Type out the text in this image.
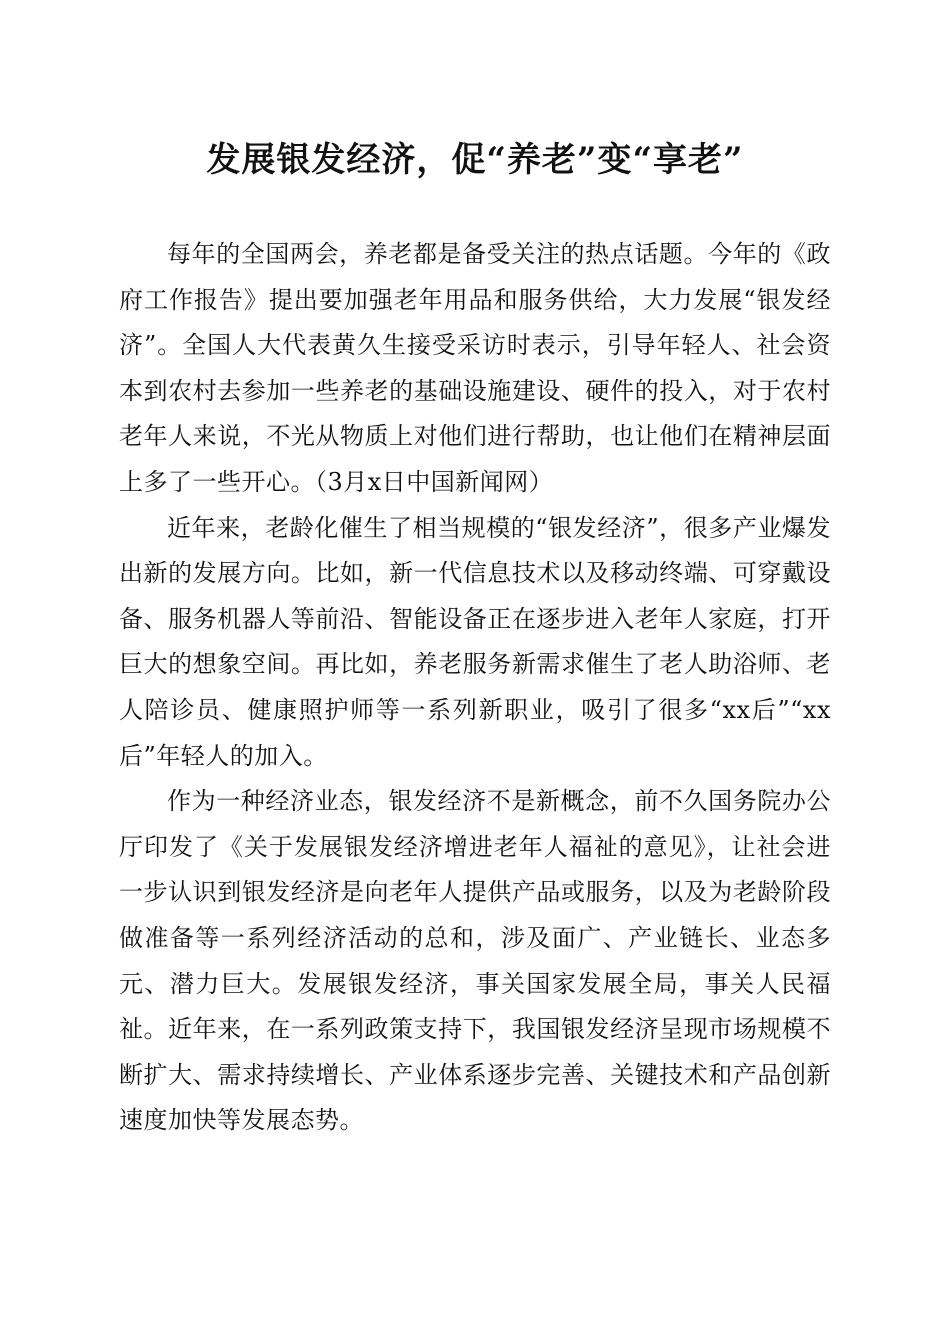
发展银发经济，促“养老”变“享老”

每年的全国两会，养老都是备受关注的热点话题。今年的《政府工作报告》提出要加强老年用品和服务供给，大力发展“银发经济”。全国人大代表黄久生接受采访时表示，引导年轻人、社会资本到农村去参加一些养老的基础设施建设、硬件的投入，对于农村老年人来说，不光从物质上对他们进行帮助，也让他们在精神层面上多了一些开心。（3月x日中国新闻网）

近年来，老龄化催生了相当规模的“银发经济”，很多产业爆发出新的发展方向。比如，新一代信息技术以及移动终端、可穿戴设备、服务机器人等前沿、智能设备正在逐步进入老年人家庭，打开巨大的想象空间。再比如，养老服务新需求催生了老人助浴师、老人陪诊员、健康照护师等一系列新职业，吸引了很多“xx后”“xx后”年轻人的加入。

作为一种经济业态，银发经济不是新概念，前不久国务院办公厅印发了《关于发展银发经济增进老年人福祉的意见》，让社会进一步认识到银发经济是向老年人提供产品或服务，以及为老龄阶段做准备等一系列经济活动的总和，涉及面广、产业链长、业态多元、潜力巨大。发展银发经济，事关国家发展全局，事关人民福祉。近年来，在一系列政策支持下，我国银发经济呈现市场规模不断扩大、需求持续增长、产业体系逐步完善、关键技术和产品创新速度加快等发展态势。
